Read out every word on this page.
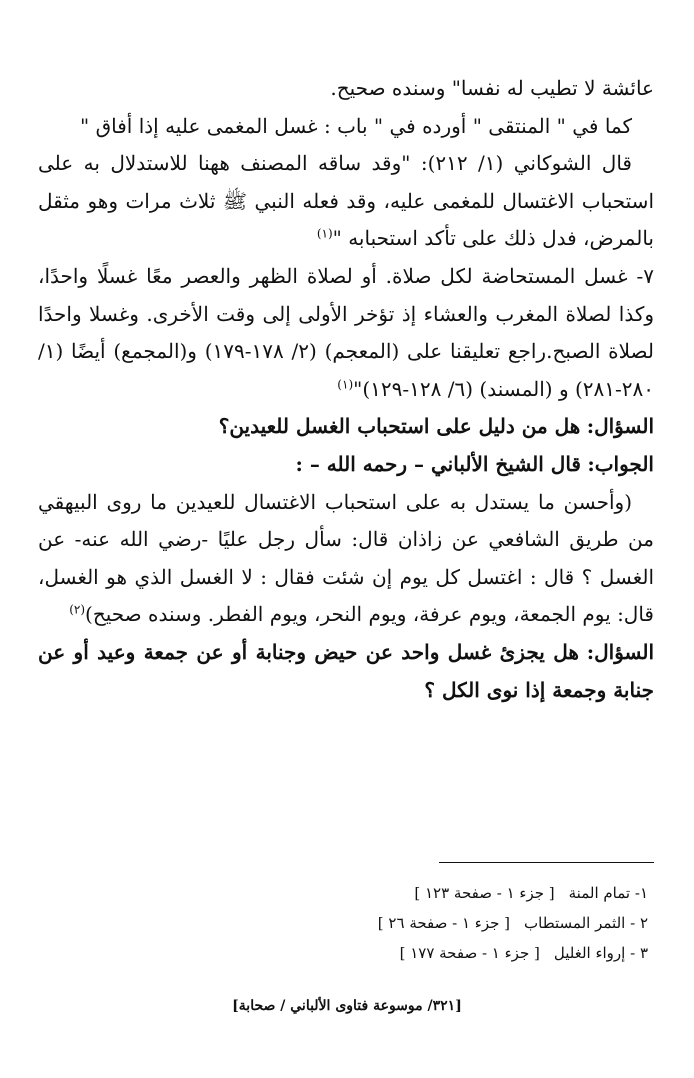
عائشة لا تطيب له نفسا" وسنده صحيح.

كما في " المنتقى " أورده في " باب : غسل المغمى عليه إذا أفاق "

قال الشوكاني (١/ ٢١٢): "وقد ساقه المصنف ههنا للاستدلال به على استحباب الاغتسال للمغمى عليه، وقد فعله النبي ﷺ ثلاث مرات وهو مثقل بالمرض، فدل ذلك على تأكد استحبابه "$^{(١)}$

٧- غسل المستحاضة لكل صلاة. أو لصلاة الظهر والعصر معًا غسلًا واحدًا، وكذا لصلاة المغرب والعشاء إذ تؤخر الأولى إلى وقت الأخرى. وغسلا واحدًا لصلاة الصبح.راجع تعليقنا على (المعجم) (٢/ ١٧٨-١٧٩) و(المجمع) أيضًا (١/ ٢٨٠-٢٨١) و (المسند) (٦/ ١٢٨-١٢٩)"$^{(١)}$

السؤال: هل من دليل على استحباب الغسل للعيدين؟

الجواب: قال الشيخ الألباني – رحمه الله – :

(وأحسن ما يستدل به على استحباب الاغتسال للعيدين ما روى البيهقي من طريق الشافعي عن زاذان قال: سأل رجل عليًا -رضي الله عنه- عن الغسل ؟ قال : اغتسل كل يوم إن شئت فقال : لا الغسل الذي هو الغسل، قال: يوم الجمعة، ويوم عرفة، ويوم النحر، ويوم الفطر. وسنده صحيح)$^{(٢)}$

السؤال: هل يجزئ غسل واحد عن حيض وجنابة أو عن جمعة وعيد أو عن جنابة وجمعة إذا نوى الكل ؟

١- تمام المنة
[ جزء ١ - صفحة ١٢٣ ]
٢ - الثمر المستطاب
[ جزء ١ - صفحة ٢٦ ]
٣ - إرواء الغليل
[ جزء ١ - صفحة ١٧٧ ]
[٣٢١/ موسوعة فتاوى الألباني / صحابة]
